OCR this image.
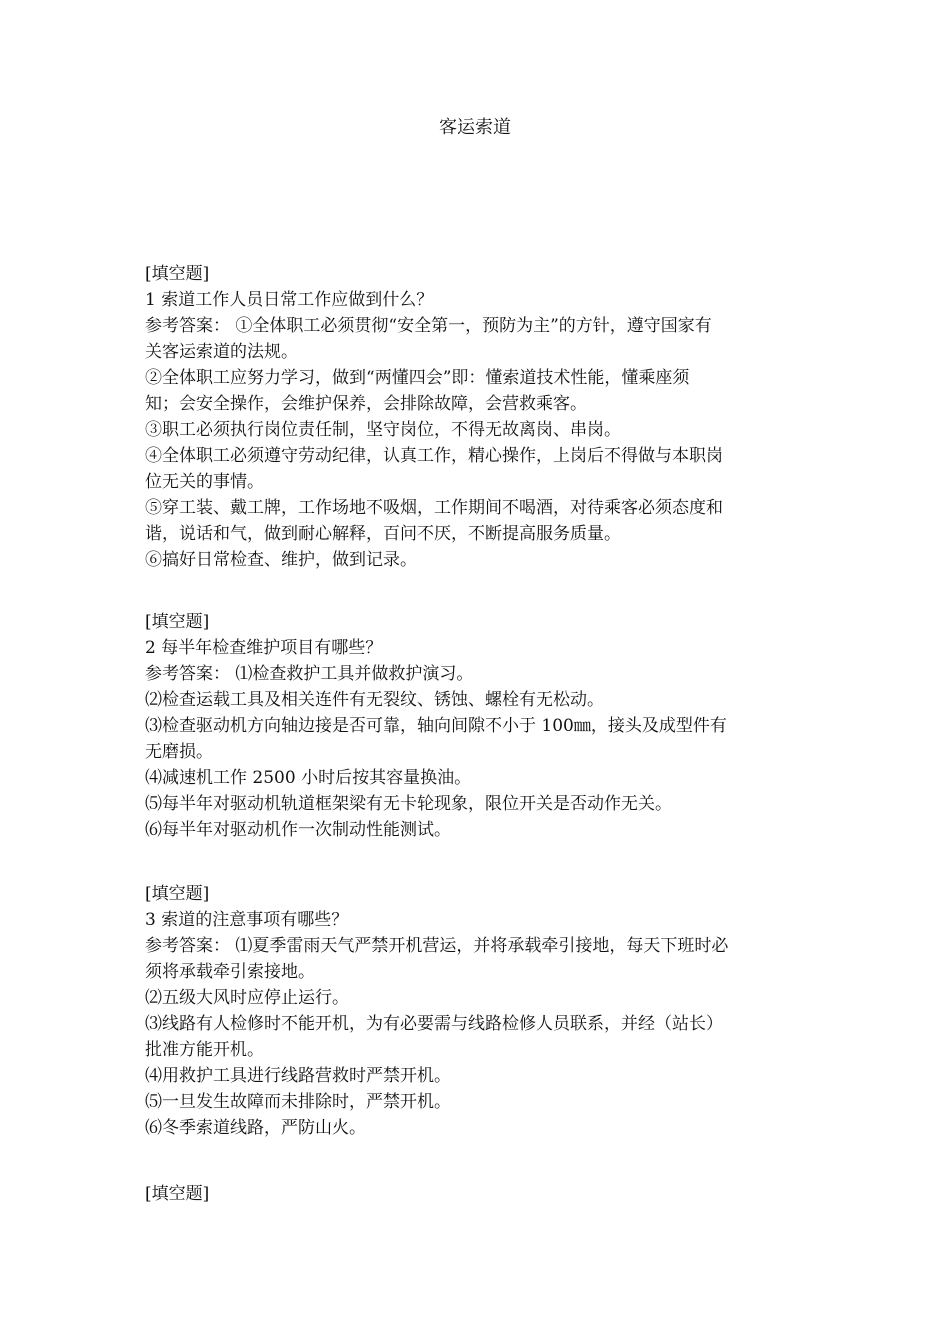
客运索道
[填空题]
1 索道工作人员日常工作应做到什么？
参考答案： ①全体职工必须贯彻“安全第一，预防为主”的方针，遵守国家有
关客运索道的法规。
②全体职工应努力学习，做到“两懂四会”即：懂索道技术性能，懂乘座须
知；会安全操作，会维护保养，会排除故障，会营救乘客。
③职工必须执行岗位责任制，坚守岗位，不得无故离岗、串岗。
④全体职工必须遵守劳动纪律，认真工作，精心操作，上岗后不得做与本职岗
位无关的事情。
⑤穿工装、戴工牌，工作场地不吸烟，工作期间不喝酒，对待乘客必须态度和
谐，说话和气，做到耐心解释，百问不厌，不断提高服务质量。
⑥搞好日常检查、维护，做到记录。
[填空题]
2 每半年检查维护项目有哪些？
参考答案： ⑴检查救护工具并做救护演习。
⑵检查运载工具及相关连件有无裂纹、锈蚀、螺栓有无松动。
⑶检查驱动机方向轴边接是否可靠，轴向间隙不小于 100㎜，接头及成型件有
无磨损。
⑷减速机工作 2500 小时后按其容量换油。
⑸每半年对驱动机轨道框架梁有无卡轮现象，限位开关是否动作无关。
⑹每半年对驱动机作一次制动性能测试。
[填空题]
3 索道的注意事项有哪些？
参考答案： ⑴夏季雷雨天气严禁开机营运，并将承载牵引接地，每天下班时必
须将承载牵引索接地。
⑵五级大风时应停止运行。
⑶线路有人检修时不能开机，为有必要需与线路检修人员联系，并经（站长）
批准方能开机。
⑷用救护工具进行线路营救时严禁开机。
⑸一旦发生故障而未排除时，严禁开机。
⑹冬季索道线路，严防山火。
[填空题]
